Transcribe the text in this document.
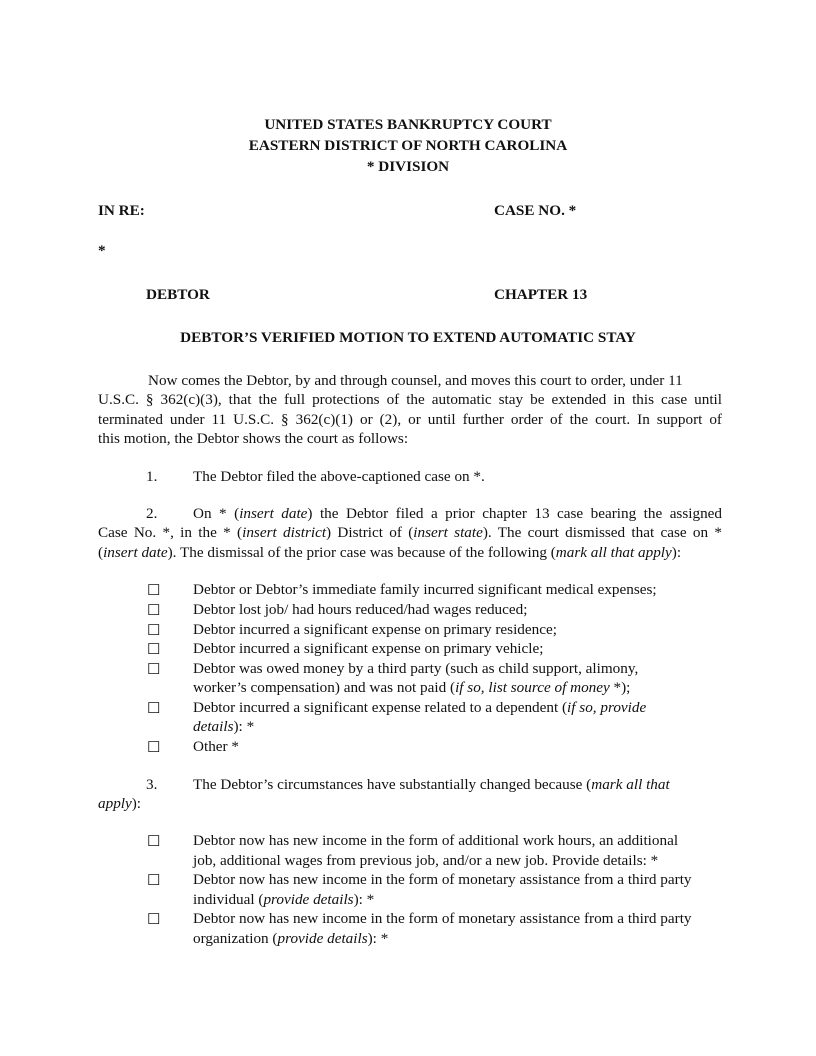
UNITED STATES BANKRUPTCY COURT
EASTERN DISTRICT OF NORTH CAROLINA
* DIVISION
IN RE:	CASE NO. *
*
DEBTOR	CHAPTER 13
DEBTOR’S VERIFIED MOTION TO EXTEND AUTOMATIC STAY
Now comes the Debtor, by and through counsel, and moves this court to order, under 11
U.S.C. § 362(c)(3), that the full protections of the automatic stay be extended in this case until
terminated under 11 U.S.C. § 362(c)(1) or (2), or until further order of the court. In support of
this motion, the Debtor shows the court as follows:
1. The Debtor filed the above-captioned case on *.
2. On * (insert date) the Debtor filed a prior chapter 13 case bearing the assigned
Case No. *, in the * (insert district) District of (insert state). The court dismissed that case on *
(insert date). The dismissal of the prior case was because of the following (mark all that apply):
☐ Debtor or Debtor’s immediate family incurred significant medical expenses;
☐ Debtor lost job/ had hours reduced/had wages reduced;
☐ Debtor incurred a significant expense on primary residence;
☐ Debtor incurred a significant expense on primary vehicle;
☐ Debtor was owed money by a third party (such as child support, alimony,
worker’s compensation) and was not paid (if so, list source of money *);
☐ Debtor incurred a significant expense related to a dependent (if so, provide
details): *
☐ Other *
3. The Debtor’s circumstances have substantially changed because (mark all that
apply):
☐ Debtor now has new income in the form of additional work hours, an additional
job, additional wages from previous job, and/or a new job. Provide details: *
☐ Debtor now has new income in the form of monetary assistance from a third party
individual (provide details): *
☐ Debtor now has new income in the form of monetary assistance from a third party
organization (provide details): *
